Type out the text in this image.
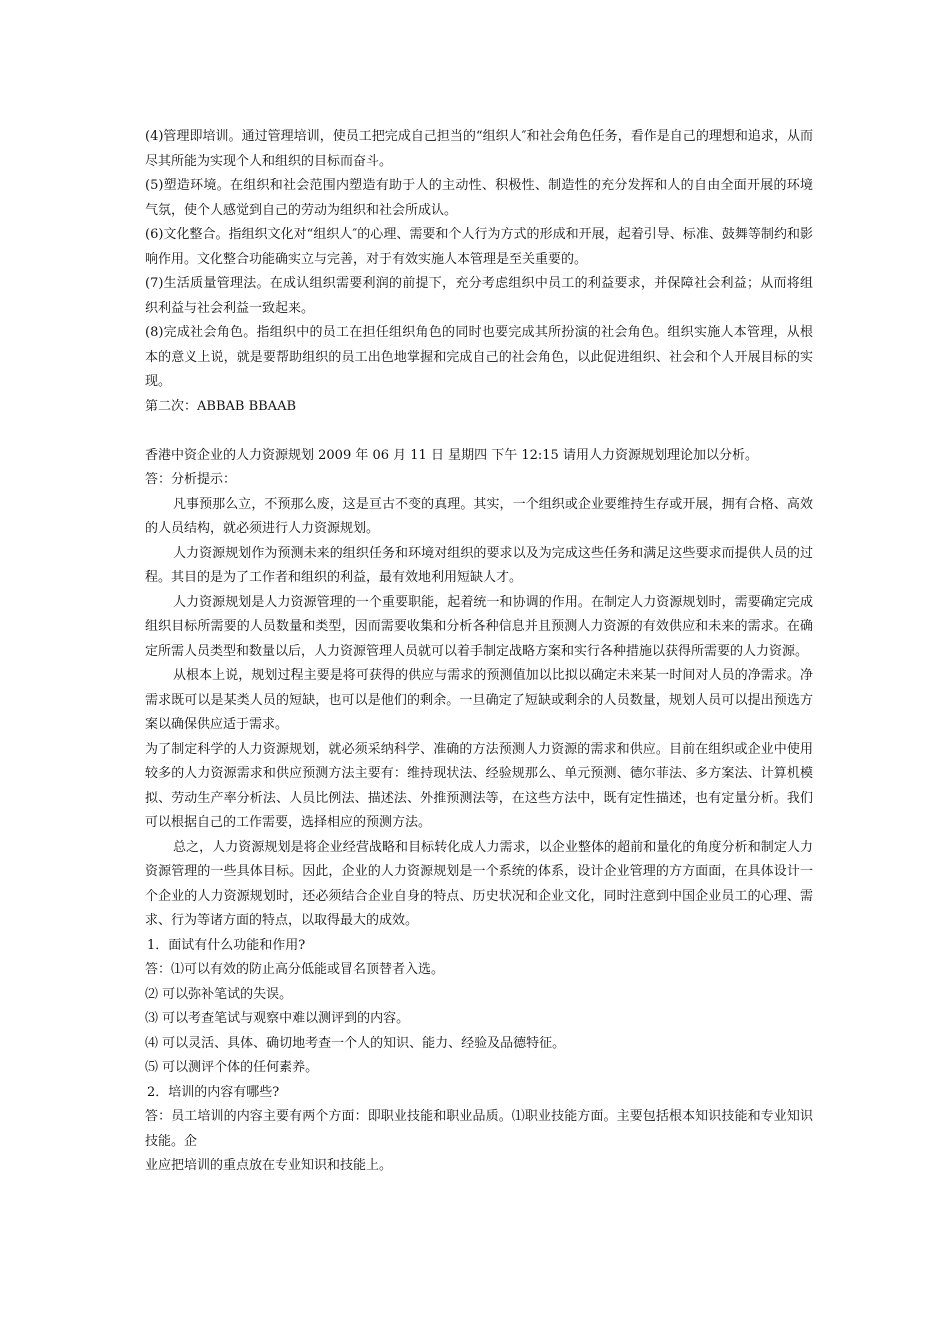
(4)管理即培训。通过管理培训，使员工把完成自己担当的“组织人″和社会角色任务，看作是自己的理想和追求，从而尽其所能为实现个人和组织的目标而奋斗。

(5)塑造环境。在组织和社会范围内塑造有助于人的主动性、积极性、制造性的充分发挥和人的自由全面开展的环境气氛，使个人感觉到自己的劳动为组织和社会所成认。

(6)文化整合。指组织文化对“组织人″的心理、需要和个人行为方式的形成和开展，起着引导、标准、鼓舞等制约和影响作用。文化整合功能确实立与完善，对于有效实施人本管理是至关重要的。

(7)生活质量管理法。在成认组织需要利润的前提下，充分考虑组织中员工的利益要求，并保障社会利益；从而将组织利益与社会利益一致起来。

(8)完成社会角色。指组织中的员工在担任组织角色的同时也要完成其所扮演的社会角色。组织实施人本管理，从根本的意义上说，就是要帮助组织的员工出色地掌握和完成自己的社会角色，以此促进组织、社会和个人开展目标的实现。

第二次：ABBAB BBAAB

香港中资企业的人力资源规划 2009 年 06 月 11 日 星期四 下午 12:15 请用人力资源规划理论加以分析。

答：分析提示：

凡事预那么立，不预那么废，这是亘古不变的真理。其实，一个组织或企业要维持生存或开展，拥有合格、高效的人员结构，就必须进行人力资源规划。

人力资源规划作为预测未来的组织任务和环境对组织的要求以及为完成这些任务和满足这些要求而提供人员的过程。其目的是为了工作者和组织的利益，最有效地利用短缺人才。

人力资源规划是人力资源管理的一个重要职能，起着统一和协调的作用。在制定人力资源规划时，需要确定完成组织目标所需要的人员数量和类型，因而需要收集和分析各种信息并且预测人力资源的有效供应和未来的需求。在确定所需人员类型和数量以后，人力资源管理人员就可以着手制定战略方案和实行各种措施以获得所需要的人力资源。

从根本上说，规划过程主要是将可获得的供应与需求的预测值加以比拟以确定未来某一时间对人员的净需求。净需求既可以是某类人员的短缺，也可以是他们的剩余。一旦确定了短缺或剩余的人员数量，规划人员可以提出预选方案以确保供应适于需求。

为了制定科学的人力资源规划，就必须采纳科学、准确的方法预测人力资源的需求和供应。目前在组织或企业中使用较多的人力资源需求和供应预测方法主要有：维持现状法、经验规那么、单元预测、德尔菲法、多方案法、计算机模拟、劳动生产率分析法、人员比例法、描述法、外推预测法等，在这些方法中，既有定性描述，也有定量分析。我们可以根据自己的工作需要，选择相应的预测方法。

总之，人力资源规划是将企业经营战略和目标转化成人力需求，以企业整体的超前和量化的角度分析和制定人力资源管理的一些具体目标。因此，企业的人力资源规划是一个系统的体系，设计企业管理的方方面面，在具体设计一个企业的人力资源规划时，还必须结合企业自身的特点、历史状况和企业文化，同时注意到中国企业员工的心理、需求、行为等诸方面的特点，以取得最大的成效。

1．面试有什么功能和作用?

答：⑴可以有效的防止高分低能或冒名顶替者入选。

⑵ 可以弥补笔试的失误。

⑶ 可以考查笔试与观察中难以测评到的内容。

⑷ 可以灵活、具体、确切地考查一个人的知识、能力、经验及品德特征。

⑸ 可以测评个体的任何素养。

2．培训的内容有哪些?

答：员工培训的内容主要有两个方面：即职业技能和职业品质。⑴职业技能方面。主要包括根本知识技能和专业知识技能。企

业应把培训的重点放在专业知识和技能上。
